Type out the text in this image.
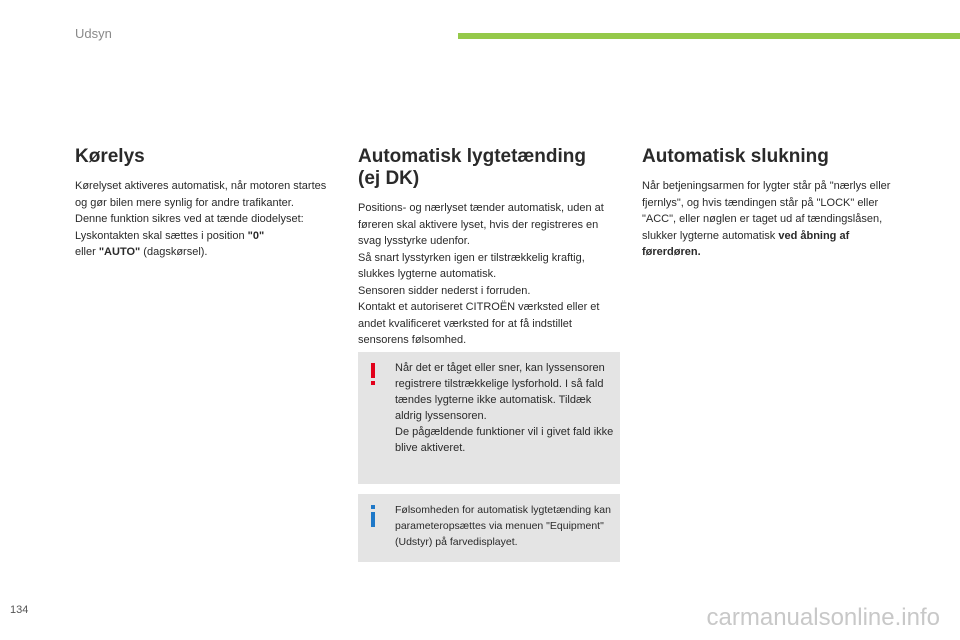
Udsyn
Kørelys

Kørelyset aktiveres automatisk, når motoren startes og gør bilen mere synlig for andre trafikanter.

Denne funktion sikres ved at tænde diodelyset: Lyskontakten skal sættes i position "0"
eller "AUTO" (dagskørsel).

Automatisk lygtetænding (ej DK)

Positions- og nærlyset tænder automatisk, uden at føreren skal aktivere lyset, hvis der registreres en svag lysstyrke udenfor.

Så snart lysstyrken igen er tilstrækkelig kraftig, slukkes lygterne automatisk.

Sensoren sidder nederst i forruden.

Kontakt et autoriseret CITROËN værksted eller et andet kvalificeret værksted for at få indstillet sensorens følsomhed.

Når det er tåget eller sner, kan lyssensoren registrere tilstrækkelige lysforhold. I så fald tændes lygterne ikke automatisk. Tildæk aldrig lyssensoren.

De pågældende funktioner vil i givet fald ikke blive aktiveret.

Følsomheden for automatisk lygtetænding kan parameteropsættes via menuen "Equipment" (Udstyr) på farvedisplayet.

Automatisk slukning

Når betjeningsarmen for lygter står på "nærlys eller fjernlys", og hvis tændingen står på "LOCK" eller "ACC", eller nøglen er taget ud af tændingslåsen, slukker lygterne automatisk ved åbning af førerdøren.

134	carmanualsonline.info
